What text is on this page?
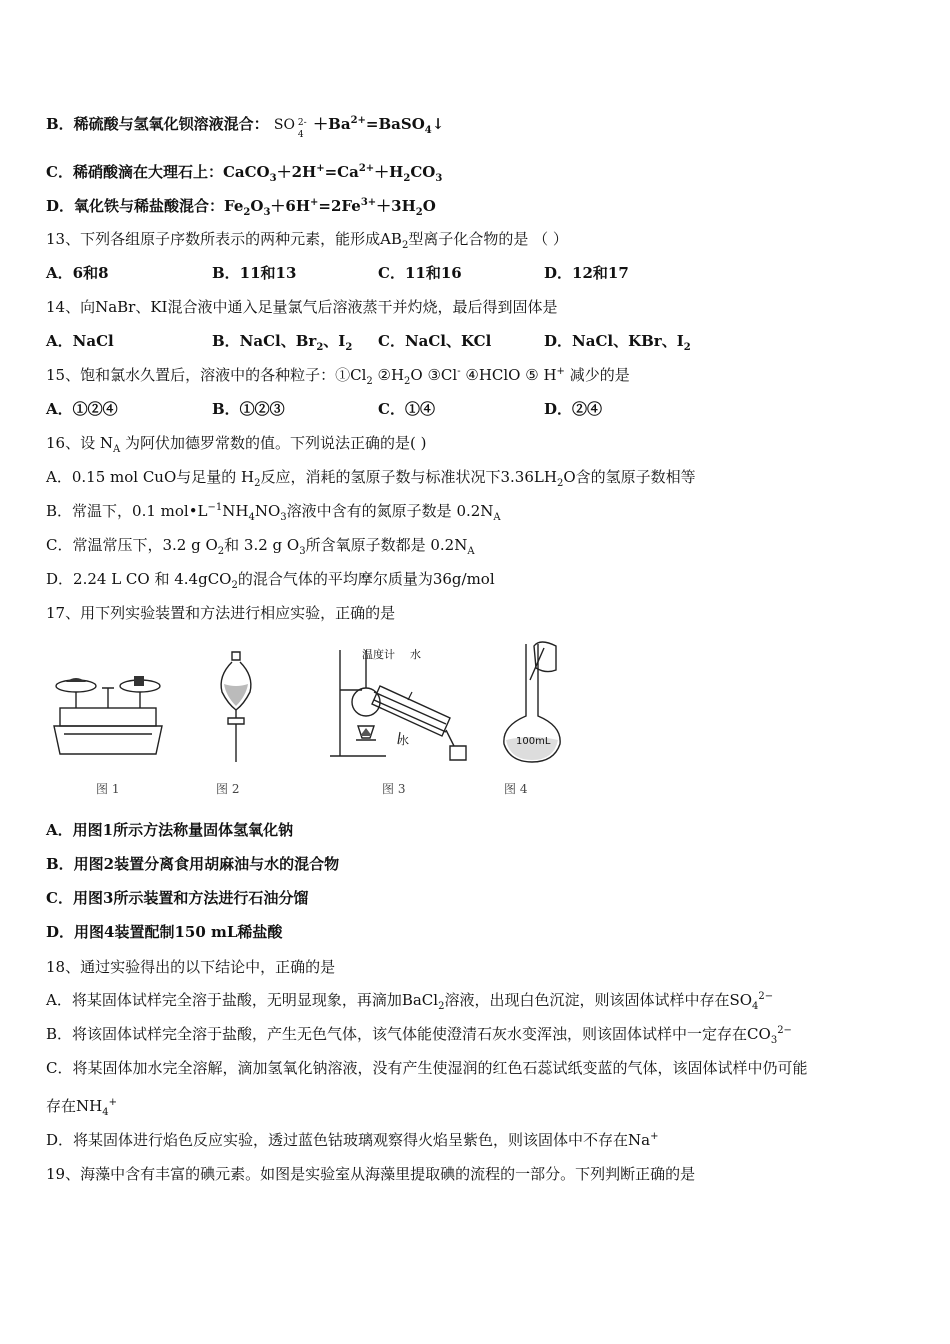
B．稀硫酸与氢氧化钡溶液混合： SO 2-
4
$+Ba^{2+}=BaSO_4↓$
C．稀硝酸滴在大理石上：$CaCO_3+2H^+=Ca^{2+}+H_2CO_3$
D．氧化铁与稀盐酸混合：$Fe_2O_3+6H^+=2Fe^{3+}+3H_2O$
13、下列各组原子序数所表示的两种元素，能形成$AB_2$型离子化合物的是 （ ）
A．6和8	B．11和13	C．11和16	D．12和17
14、向NaBr、KI混合液中通入足量氯气后溶液蒸干并灼烧，最后得到固体是
A．NaCl	B．NaCl、$Br_2$、$I_2$ C．NaCl、KCl	D．NaCl、KBr、$I_2$
15、饱和氯水久置后，溶液中的各种粒子：$①Cl_2$ $②H_2O$ ③Cl- ④HClO ⑤ H+ 减少的是
A．①②④	B．①②③	C．①④	D．②④
16、设 $N_A$ 为阿伏加德罗常数的值。下列说法正确的是( )
A．0.15 mol CuO与足量的 $H_2$反应，消耗的氢原子数与标准状况下$3.36LH_2O$含的氢原子数相等
B．常温下，0.1 $mol•L^{-1}NH_4NO_3$溶液中含有的氮原子数是 $0.2N_A$
C．常温常压下，3.2 g $O_2$和 3.2 g $O_3$所含氧原子数都是 $0.2N_A$
D．2.24 L CO 和 4.4gCO$_2$的混合气体的平均摩尔质量为36g/mol
17、用下列实验装置和方法进行相应实验，正确的是
温度计 水
水	100mL
图 1	图 2	图 3	图 4
A．用图1所示方法称量固体氢氧化钠
B．用图2装置分离食用胡麻油与水的混合物
C．用图3所示装置和方法进行石油分馏
D．用图4装置配制150 mL稀盐酸
18、通过实验得出的以下结论中，正确的是
A．将某固体试样完全溶于盐酸，无明显现象，再滴加BaCl$_2$溶液，出现白色沉淀，则该固体试样中存在$SO_4^{2-}$
B．将该固体试样完全溶于盐酸，产生无色气体，该气体能使澄清石灰水变浑浊，则该固体试样中一定存在$CO_3^{2-}$
C．将某固体加水完全溶解，滴加氢氧化钠溶液，没有产生使湿润的红色石蕊试纸变蓝的气体，该固体试样中仍可能
存在$NH_4^+$
D．将某固体进行焰色反应实验，透过蓝色钴玻璃观察得火焰呈紫色，则该固体中不存在Na+
19、海藻中含有丰富的碘元素。如图是实验室从海藻里提取碘的流程的一部分。下列判断正确的是
